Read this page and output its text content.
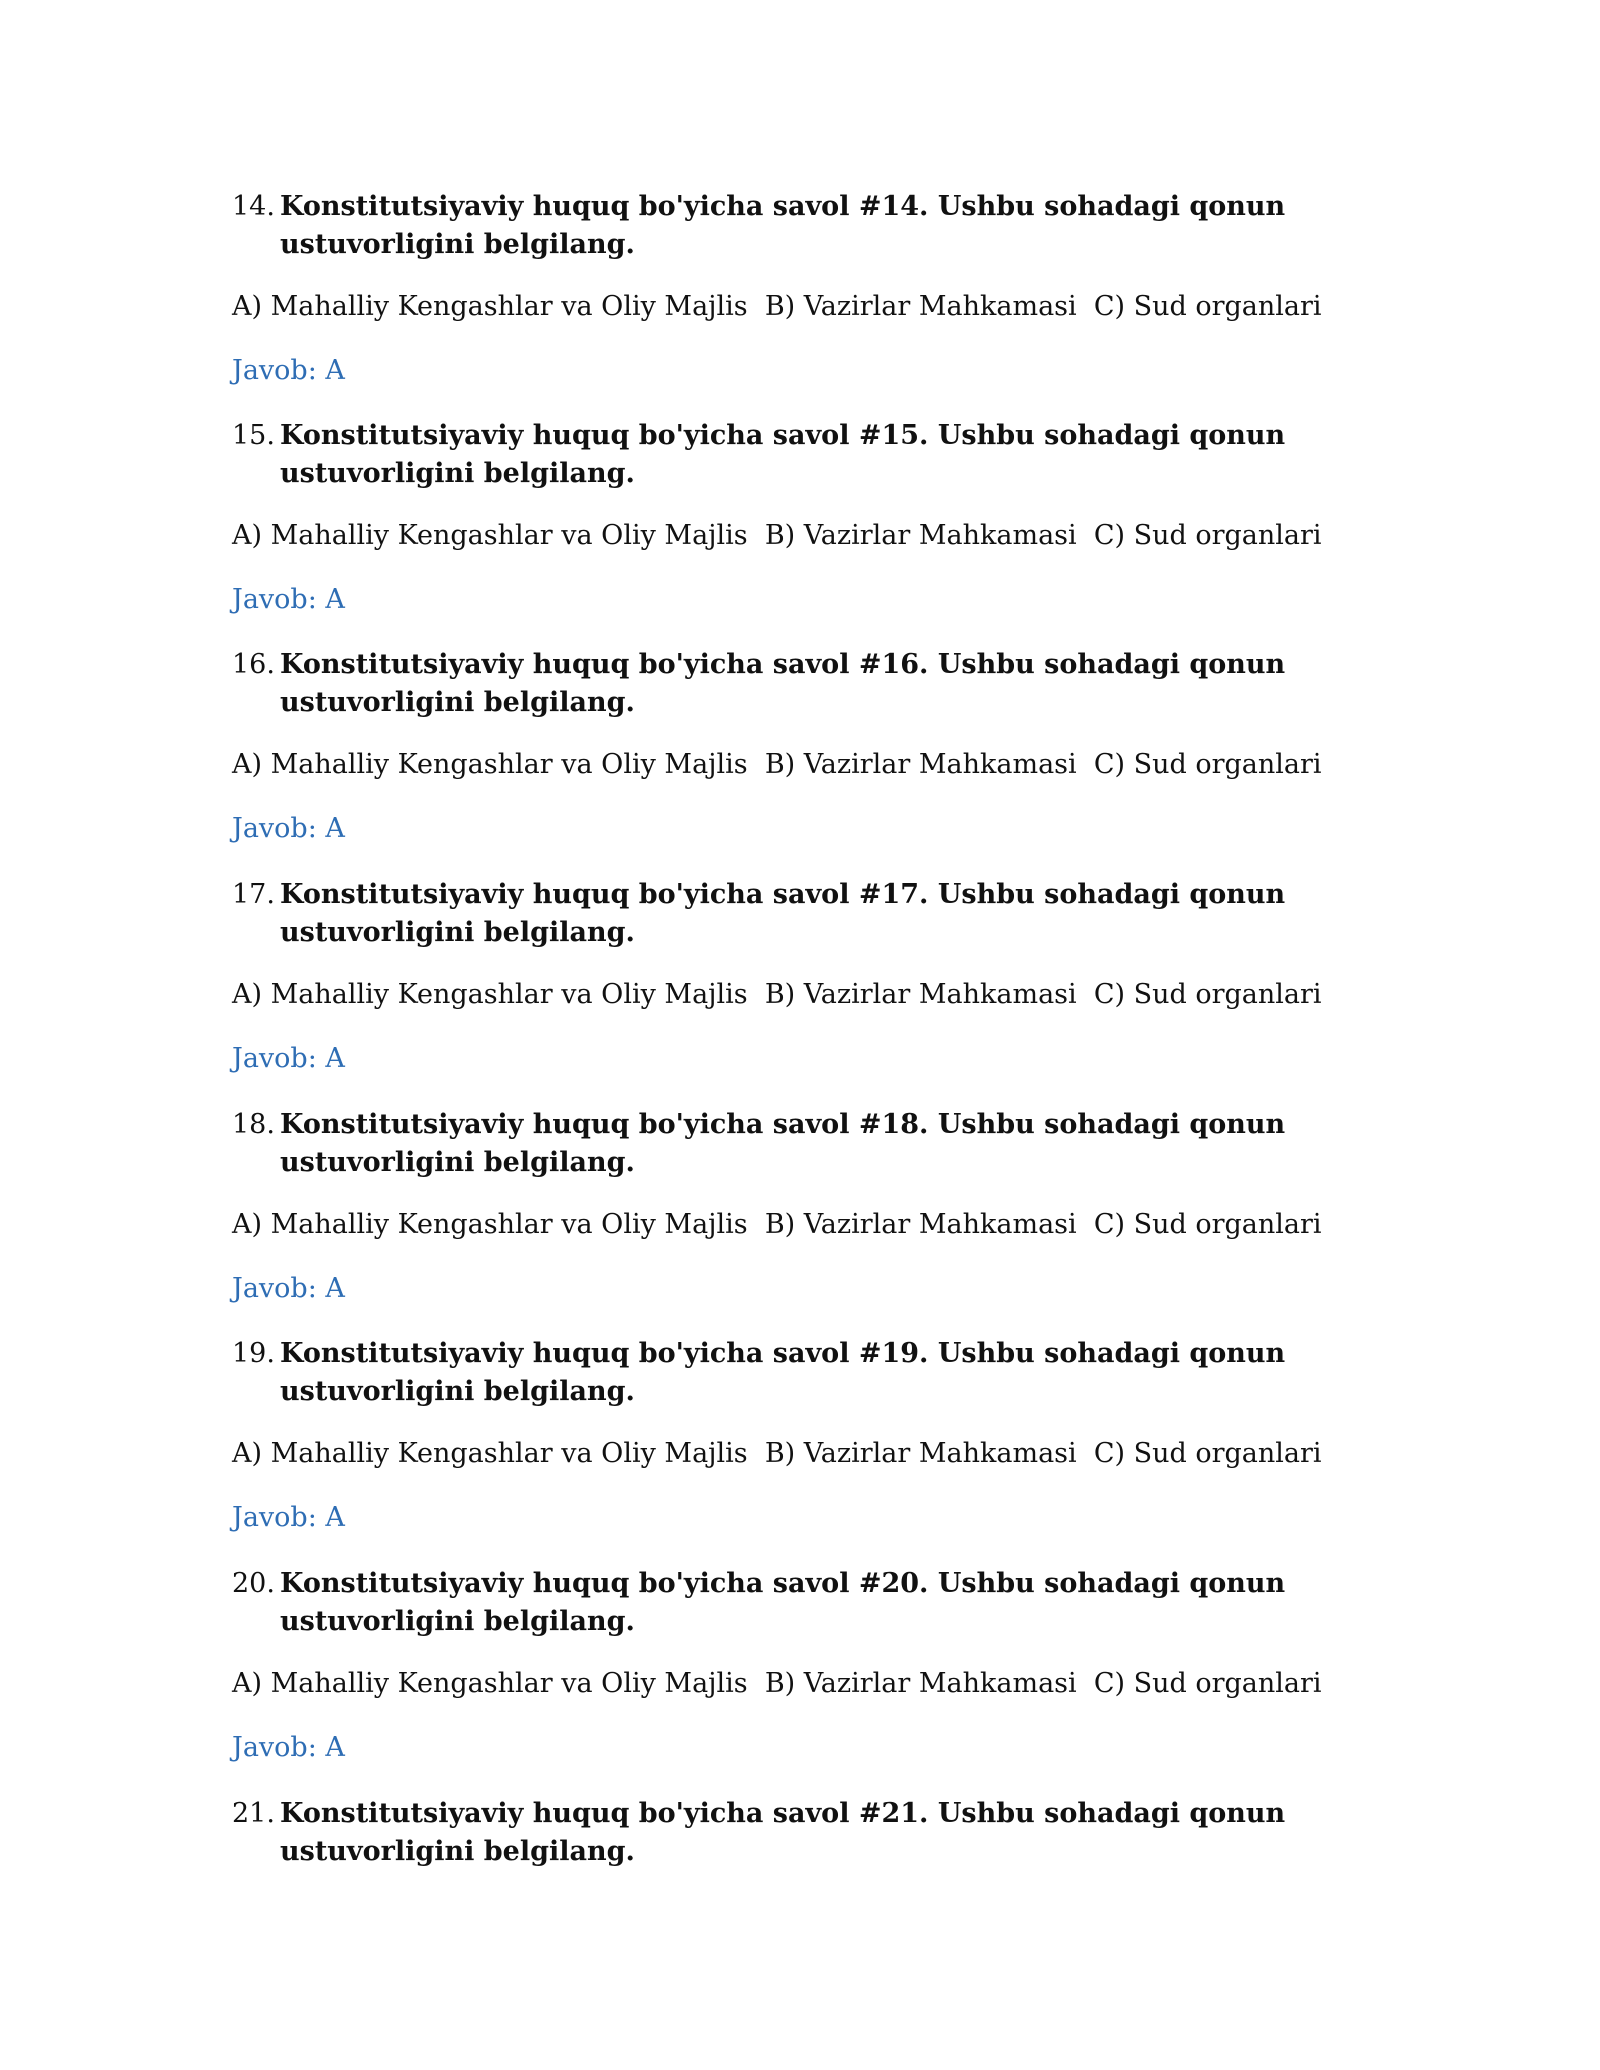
14. Konstitutsiyaviy huquq bo'yicha savol #14. Ushbu sohadagi qonun ustuvorligini belgilang.
A) Mahalliy Kengashlar va Oliy Majlis  B) Vazirlar Mahkamasi  C) Sud organlari
Javob: A
15. Konstitutsiyaviy huquq bo'yicha savol #15. Ushbu sohadagi qonun ustuvorligini belgilang.
A) Mahalliy Kengashlar va Oliy Majlis  B) Vazirlar Mahkamasi  C) Sud organlari
Javob: A
16. Konstitutsiyaviy huquq bo'yicha savol #16. Ushbu sohadagi qonun ustuvorligini belgilang.
A) Mahalliy Kengashlar va Oliy Majlis  B) Vazirlar Mahkamasi  C) Sud organlari
Javob: A
17. Konstitutsiyaviy huquq bo'yicha savol #17. Ushbu sohadagi qonun ustuvorligini belgilang.
A) Mahalliy Kengashlar va Oliy Majlis  B) Vazirlar Mahkamasi  C) Sud organlari
Javob: A
18. Konstitutsiyaviy huquq bo'yicha savol #18. Ushbu sohadagi qonun ustuvorligini belgilang.
A) Mahalliy Kengashlar va Oliy Majlis  B) Vazirlar Mahkamasi  C) Sud organlari
Javob: A
19. Konstitutsiyaviy huquq bo'yicha savol #19. Ushbu sohadagi qonun ustuvorligini belgilang.
A) Mahalliy Kengashlar va Oliy Majlis  B) Vazirlar Mahkamasi  C) Sud organlari
Javob: A
20. Konstitutsiyaviy huquq bo'yicha savol #20. Ushbu sohadagi qonun ustuvorligini belgilang.
A) Mahalliy Kengashlar va Oliy Majlis  B) Vazirlar Mahkamasi  C) Sud organlari
Javob: A
21. Konstitutsiyaviy huquq bo'yicha savol #21. Ushbu sohadagi qonun ustuvorligini belgilang.
